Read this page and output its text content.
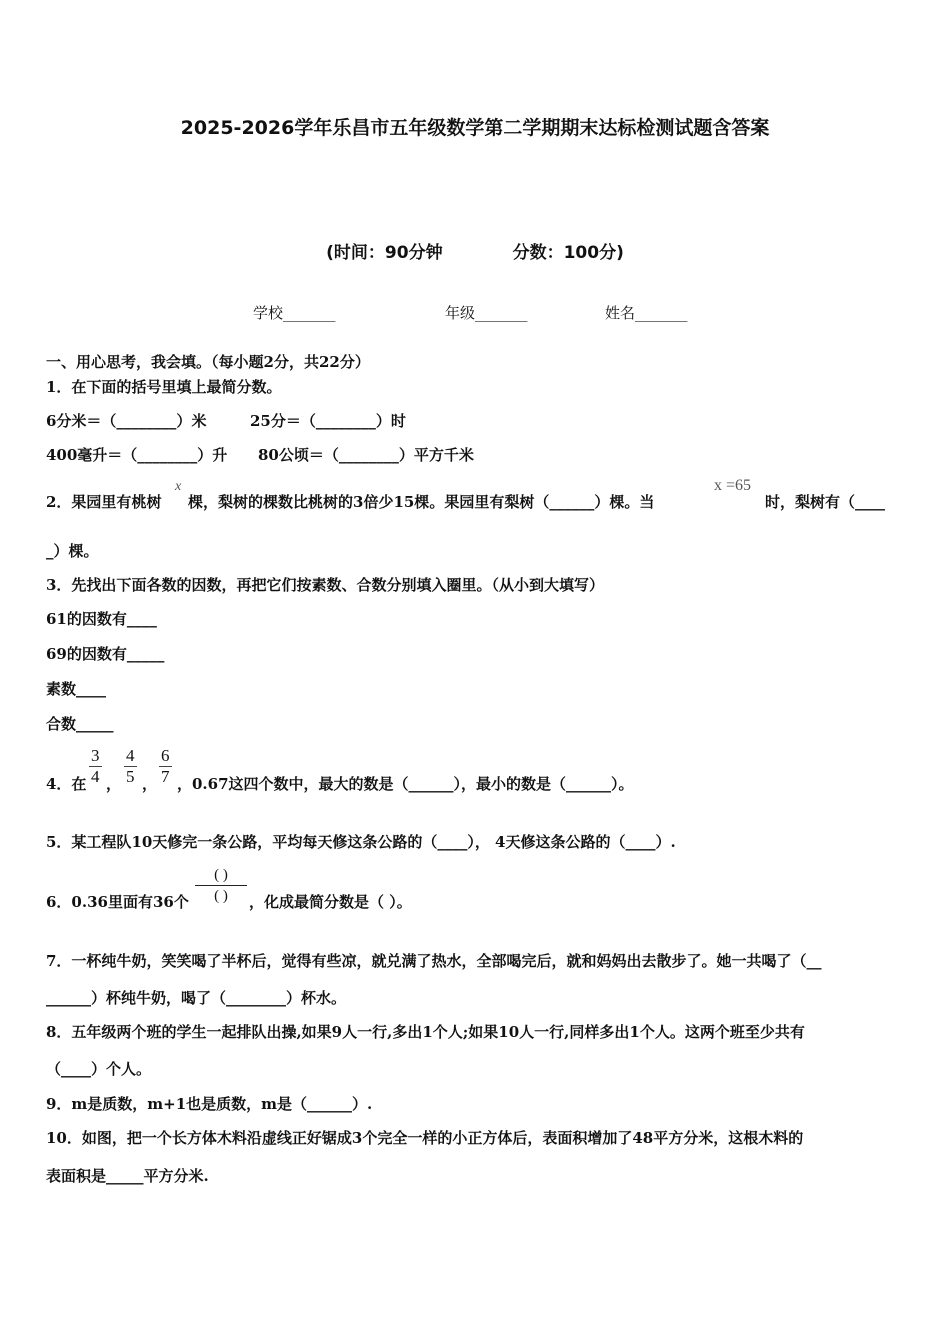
2025-2026学年乐昌市五年级数学第二学期期末达标检测试题含答案
(时间：90分钟	分数：100分)
学校_______	年级_______	姓名_______
一、用心思考，我会填。（每小题2分，共22分）
1．在下面的括号里填上最简分数。
6分米＝（________）米	25分＝（________）时
400毫升＝（________）升 80公顷＝（________）平方千米
2．果园里有桃树
x
棵，梨树的棵数比桃树的3倍少15棵。果园里有梨树（______）棵。当
x =65
时，梨树有（____
_）棵。
3．先找出下面各数的因数，再把它们按素数、合数分别填入圈里。（从小到大填写）
61的因数有____
69的因数有_____
素数____
合数_____
4．在 $\frac{3}{4}$ ， $\frac{4}{5}$ ， $\frac{6}{7}$ ，0.67这四个数中，最大的数是（______），最小的数是（______）。
5．某工程队10天修完一条公路，平均每天修这条公路的（____）， 4天修这条公路的（____）.
6．0.36里面有36个
( )
( )	，化成最简分数是（ ）。
7．一杯纯牛奶，笑笑喝了半杯后，觉得有些凉，就兑满了热水，全部喝完后，就和妈妈出去散步了。她一共喝了（__
______）杯纯牛奶，喝了（________）杯水。
8．五年级两个班的学生一起排队出操,如果9人一行,多出1个人;如果10人一行,同样多出1个人。这两个班至少共有
（____）个人。
9．m是质数，m+1也是质数，m是（______）.
10．如图，把一个长方体木料沿虚线正好锯成3个完全一样的小正方体后，表面积增加了48平方分米，这根木料的
表面积是_____平方分米.
